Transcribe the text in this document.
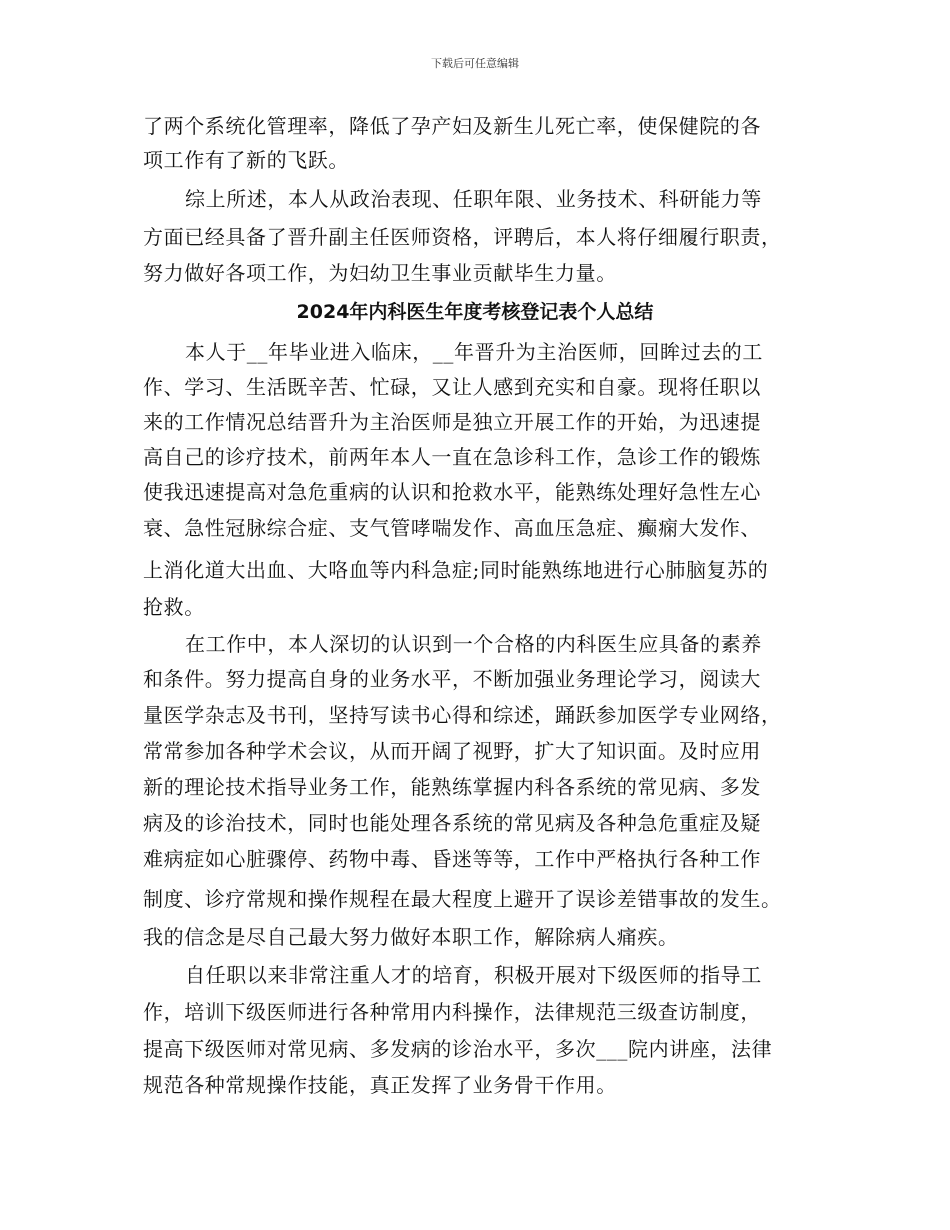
下载后可任意编辑
了两个系统化管理率，降低了孕产妇及新生儿死亡率，使保健院的各
项工作有了新的飞跃。
综上所述，本人从政治表现、任职年限、业务技术、科研能力等
方面已经具备了晋升副主任医师资格，评聘后，本人将仔细履行职责，
努力做好各项工作，为妇幼卫生事业贡献毕生力量。
2024年内科医生年度考核登记表个人总结
本人于__年毕业进入临床，__年晋升为主治医师，回眸过去的工
作、学习、生活既辛苦、忙碌，又让人感到充实和自豪。现将任职以
来的工作情况总结晋升为主治医师是独立开展工作的开始，为迅速提
高自己的诊疗技术，前两年本人一直在急诊科工作，急诊工作的锻炼
使我迅速提高对急危重病的认识和抢救水平，能熟练处理好急性左心
衰、急性冠脉综合症、支气管哮喘发作、高血压急症、癫痫大发作、
上消化道大出血、大咯血等内科急症;同时能熟练地进行心肺脑复苏的
抢救。
在工作中，本人深切的认识到一个合格的内科医生应具备的素养
和条件。努力提高自身的业务水平，不断加强业务理论学习，阅读大
量医学杂志及书刊，坚持写读书心得和综述，踊跃参加医学专业网络，
常常参加各种学术会议，从而开阔了视野，扩大了知识面。及时应用
新的理论技术指导业务工作，能熟练掌握内科各系统的常见病、多发
病及的诊治技术，同时也能处理各系统的常见病及各种急危重症及疑
难病症如心脏骤停、药物中毒、昏迷等等，工作中严格执行各种工作
制度、诊疗常规和操作规程在最大程度上避开了误诊差错事故的发生。
我的信念是尽自己最大努力做好本职工作，解除病人痛疾。
自任职以来非常注重人才的培育，积极开展对下级医师的指导工
作，培训下级医师进行各种常用内科操作，法律规范三级查访制度，
提高下级医师对常见病、多发病的诊治水平，多次___院内讲座，法律
规范各种常规操作技能，真正发挥了业务骨干作用。
